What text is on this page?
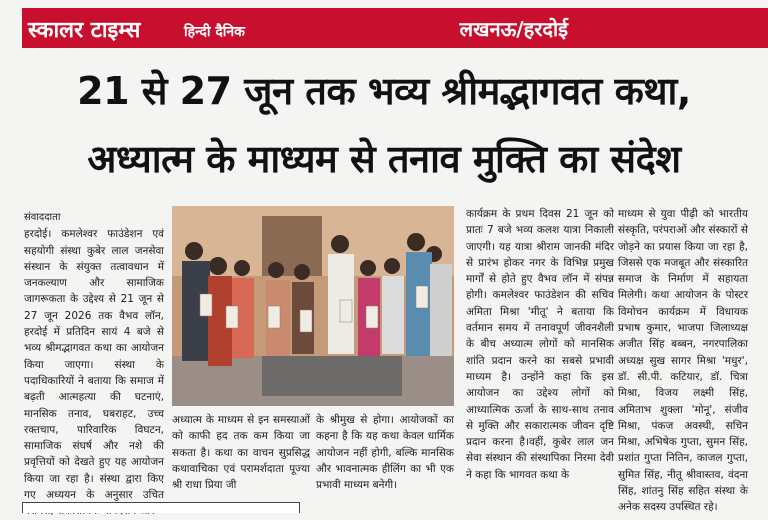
स्कालर टाइम्स	हिन्दी दैनिक	लखनऊ/हरदोई
21 से 27 जून तक भव्य श्रीमद्भागवत कथा,
अध्यात्म के माध्यम से तनाव मुक्ति का संदेश

संवाददाता

हरदोई। कमलेश्वर फाउंडेशन एवं सहयोगी संस्था कुबेर लाल जनसेवा संस्थान के संयुक्त तत्वावधान में जनकल्याण और सामाजिक जागरूकता के उद्देश्य से 21 जून से 27 जून 2026 तक वैभव लॉन, हरदोई में प्रतिदिन सायं 4 बजे से भव्य श्रीमद्भागवत कथा का आयोजन किया जाएगा। संस्था के पदाधिकारियों ने बताया कि समाज में बढ़ती आत्महत्या की घटनाएं, मानसिक तनाव, घबराहट, उच्च रक्तचाप, पारिवारिक विघटन, सामाजिक संघर्ष और नशे की प्रवृत्तियों को देखते हुए यह आयोजन किया जा रहा है। संस्था द्वारा किए गए अध्ययन के अनुसार उचित

अध्यात्म के माध्यम से इन समस्याओं को काफी हद तक कम किया जा सकता है। कथा का वाचन सुप्रसिद्ध कथावाचिका एवं परामर्शदाता पूज्या श्री राधा प्रिया जी

के श्रीमुख से होगा। आयोजकों का कहना है कि यह कथा केवल धार्मिक आयोजन नहीं होगी, बल्कि मानसिक और भावनात्मक हीलिंग का भी एक प्रभावी माध्यम बनेगी।

कार्यक्रम के प्रथम दिवस 21 जून को प्रातः 7 बजे भव्य कलश यात्रा निकाली जाएगी। यह यात्रा श्रीराम जानकी मंदिर से प्रारंभ होकर नगर के विभिन्न प्रमुख मार्गों से होते हुए वैभव लॉन में संपन्न होगी। कमलेश्वर फाउंडेशन की सचिव अमिता मिश्रा 'मीतू' ने बताया कि वर्तमान समय में तनावपूर्ण जीवनशैली के बीच अध्यात्म लोगों को मानसिक शांति प्रदान करने का सबसे प्रभावी माध्यम है। उन्होंने कहा कि इस आयोजन का उद्देश्य लोगों को आध्यात्मिक ऊर्जा के साथ-साथ तनाव से मुक्ति और सकारात्मक जीवन दृष्टि प्रदान करना है।वहीं, कुबेर लाल जन सेवा संस्थान की संस्थापिका निरमा देवी ने कहा कि भागवत कथा के

माध्यम से युवा पीढ़ी को भारतीय संस्कृति, परंपराओं और संस्कारों से जोड़ने का प्रयास किया जा रहा है, जिससे एक मजबूत और संस्कारित समाज के निर्माण में सहायता मिलेगी। कथा आयोजन के पोस्टर विमोचन कार्यक्रम में विधायक प्रभाष कुमार, भाजपा जिलाध्यक्ष अजीत सिंह बब्बन, नगरपालिका अध्यक्ष सुख सागर मिश्रा 'मधुर', डॉ. सी.पी. कटियार, डॉ. चित्रा मिश्रा, विजय लक्ष्मी सिंह, अमिताभ शुक्ला 'मोनू', संजीव मिश्रा, पंकज अवस्थी, सचिन मिश्रा, अभिषेक गुप्ता, सुमन सिंह, प्रशांत गुप्ता नितिन, काजल गुप्ता, सुमित सिंह, नीतू श्रीवास्तव, वंदना सिंह, शांतनु सिंह सहित संस्था के अनेक सदस्य उपस्थित रहे।
